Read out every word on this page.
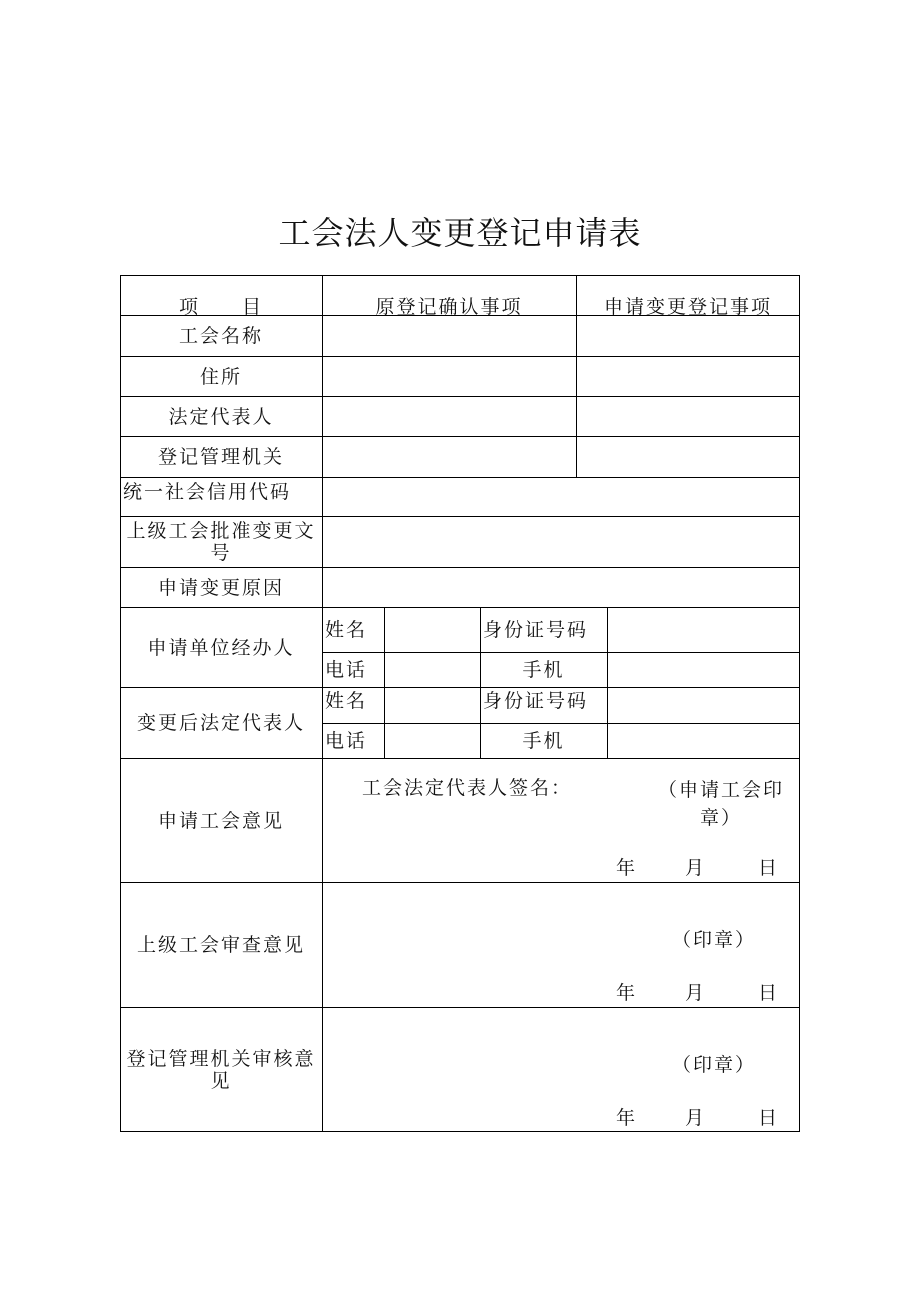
工会法人变更登记申请表
项　　目	原登记确认事项	申请变更登记事项
工会名称
住所
法定代表人
登记管理机关
统一社会信用代码
上级工会批准变更文号
申请变更原因
申请单位经办人
姓名	身份证号码
电话	手机
变更后法定代表人
姓名	身份证号码
电话	手机
申请工会意见
工会法定代表人签名：	（申请工会印章）
年	月	日
上级工会审查意见	（印章）
年	月	日
登记管理机关审核意见
（印章）
年	月	日
